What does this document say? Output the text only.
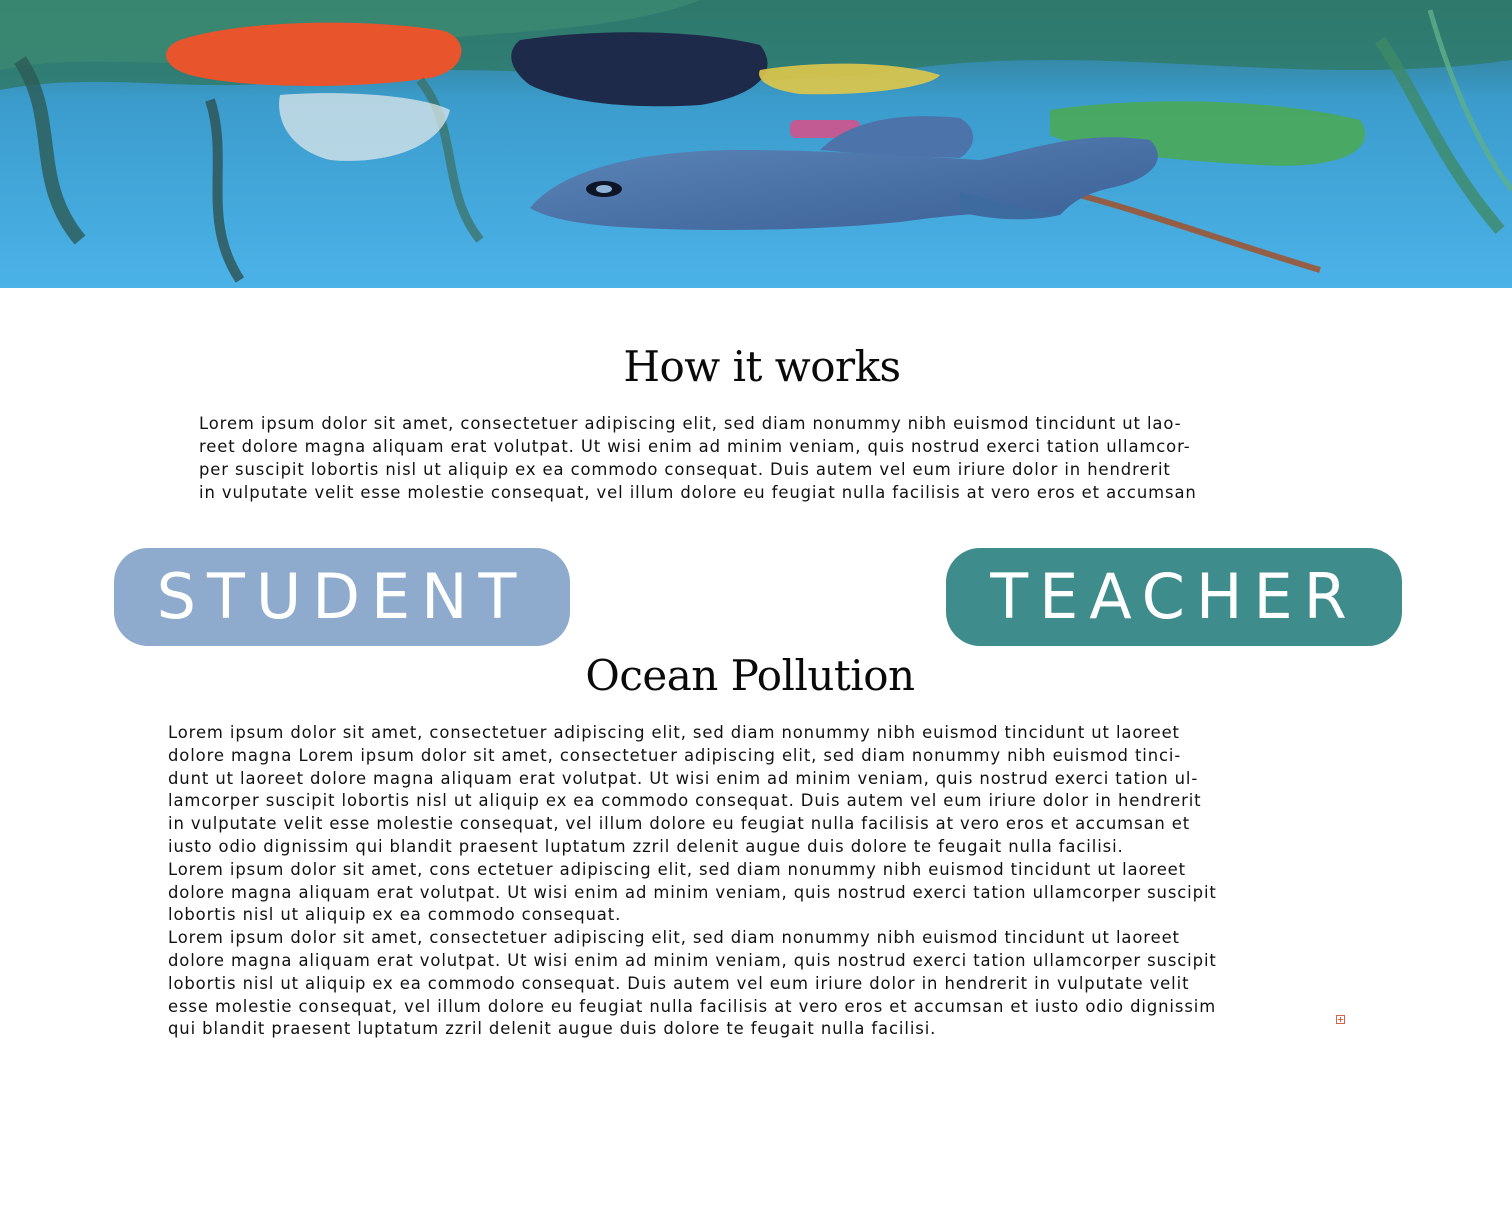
How it works

Lorem ipsum dolor sit amet, consectetuer adipiscing elit, sed diam nonummy nibh euismod tincidunt ut lao-
reet dolore magna aliquam erat volutpat. Ut wisi enim ad minim veniam, quis nostrud exerci tation ullamcor-
per suscipit lobortis nisl ut aliquip ex ea commodo consequat. Duis autem vel eum iriure dolor in hendrerit
in vulputate velit esse molestie consequat, vel illum dolore eu feugiat nulla facilisis at vero eros et accumsan

STUDENT	TEACHER
Ocean Pollution

Lorem ipsum dolor sit amet, consectetuer adipiscing elit, sed diam nonummy nibh euismod tincidunt ut laoreet
dolore magna Lorem ipsum dolor sit amet, consectetuer adipiscing elit, sed diam nonummy nibh euismod tinci-
dunt ut laoreet dolore magna aliquam erat volutpat. Ut wisi enim ad minim veniam, quis nostrud exerci tation ul-
lamcorper suscipit lobortis nisl ut aliquip ex ea commodo consequat. Duis autem vel eum iriure dolor in hendrerit
in vulputate velit esse molestie consequat, vel illum dolore eu feugiat nulla facilisis at vero eros et accumsan et
iusto odio dignissim qui blandit praesent luptatum zzril delenit augue duis dolore te feugait nulla facilisi.
Lorem ipsum dolor sit amet, cons ectetuer adipiscing elit, sed diam nonummy nibh euismod tincidunt ut laoreet
dolore magna aliquam erat volutpat. Ut wisi enim ad minim veniam, quis nostrud exerci tation ullamcorper suscipit
lobortis nisl ut aliquip ex ea commodo consequat.
Lorem ipsum dolor sit amet, consectetuer adipiscing elit, sed diam nonummy nibh euismod tincidunt ut laoreet
dolore magna aliquam erat volutpat. Ut wisi enim ad minim veniam, quis nostrud exerci tation ullamcorper suscipit
lobortis nisl ut aliquip ex ea commodo consequat. Duis autem vel eum iriure dolor in hendrerit in vulputate velit
esse molestie consequat, vel illum dolore eu feugiat nulla facilisis at vero eros et accumsan et iusto odio dignissim
qui blandit praesent luptatum zzril delenit augue duis dolore te feugait nulla facilisi.
